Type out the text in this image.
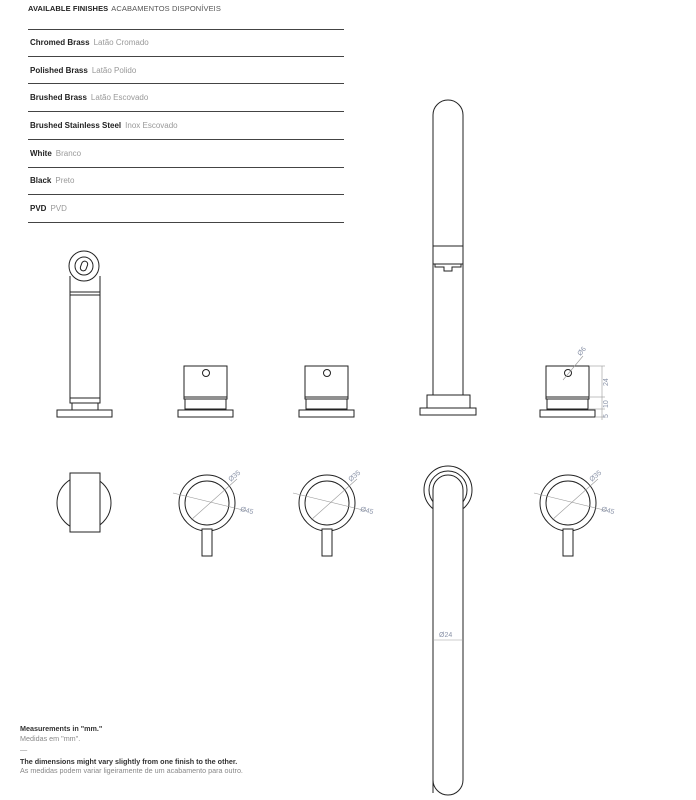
AVAILABLE FINISHES ACABAMENTOS DISPONÍVEIS
Chromed Brass Latão Cromado
Polished Brass Latão Polido
Brushed Brass Latão Escovado
Brushed Stainless Steel Inox Escovado
White Branco
Black Preto
PVD PVD
Ø6
24
10
5
Ø35
Ø45
Ø35
Ø45
Ø35
Ø45
Ø24
Measurements in "mm."
Medidas em "mm".
—
The dimensions might vary slightly from one finish to the other.
As medidas podem variar ligeiramente de um acabamento para outro.
